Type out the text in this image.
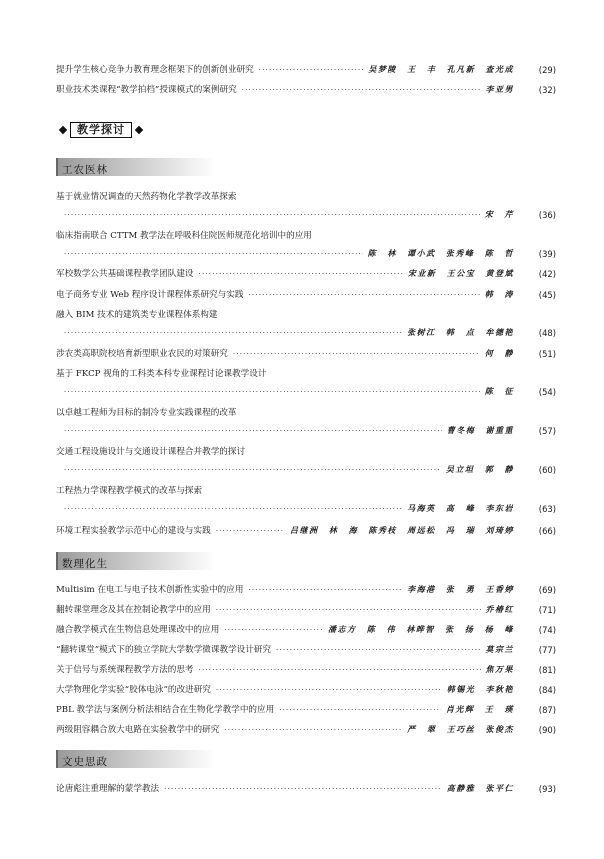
提升学生核心竞争力教育理念框架下的创新创业研究 ·····	吴梦陵 王 丰 孔凡新 查光成	(29)
职业技术类课程“教学拍档”授课模式的案例研究 ·····	李亚男	(32)
教学探讨
工农医林
基于就业情况调查的天然药物化学教学改革探索
·····
宋 芹	(36)
临床指南联合 CTTM 教学法在呼吸科住院医师规范化培训中的应用
·····
陈 林 谭小武 张秀峰 陈 哲	(39)
军校数学公共基础课程教学团队建设 ·····	宋业新 王公宝 黄登斌	(42)
电子商务专业 Web 程序设计课程体系研究与实践 ·····	韩 涛	(45)
融入 BIM 技术的建筑类专业课程体系构建
·····
张树江 韩 点 牟德艳	(48)
涉农类高职院校培育新型职业农民的对策研究 ·····	何 静	(51)
基于 FKCP 视角的工科类本科专业课程讨论课教学设计
·····
陈 征	(54)
以卓越工程师为目标的制冷专业实践课程的改革
·····
曹冬梅 谢重重	(57)
交通工程设施设计与交通设计课程合并教学的探讨
·····
吴立坦 郭 静	(60)
工程热力学课程教学模式的改革与探索
·····
马海英 高 峰 李东岩	(63)
环境工程实验教学示范中心的建设与实践 ·····	吕继洲 林 海 陈秀枝 周远松 冯 瑞 刘琦婷	(66)
数理化生
Multisim 在电工与电子技术创新性实验中的应用 ·····	李海港 张 勇 王香婷	(69)
翻转课堂理念及其在控制论教学中的应用 ·····	乔椿红	(71)
融合教学模式在生物信息处理课改中的应用 ·····	潘志方 陈 伟 林晔智 张 扬 杨 峰	(74)
“翻转课堂”模式下的独立学院大学数学微课教学设计研究 ·····	莫宗兰	(77)
关于信号与系统课程教学方法的思考 ·····	焦万果	(81)
大学物理化学实验“胶体电泳”的改进研究 ·····	韩锡光 李秋艳	(84)
PBL 教学法与案例分析法相结合在生物化学教学中的应用 ·····	肖光辉 王 瑛	(87)
两级阻容耦合放大电路在实验教学中的研究 ·····	严 翠 王巧丝 张俊杰	(90)
文史思政
论唐彪注重理解的蒙学教法 ·····	高静雅 张平仁	(93)
